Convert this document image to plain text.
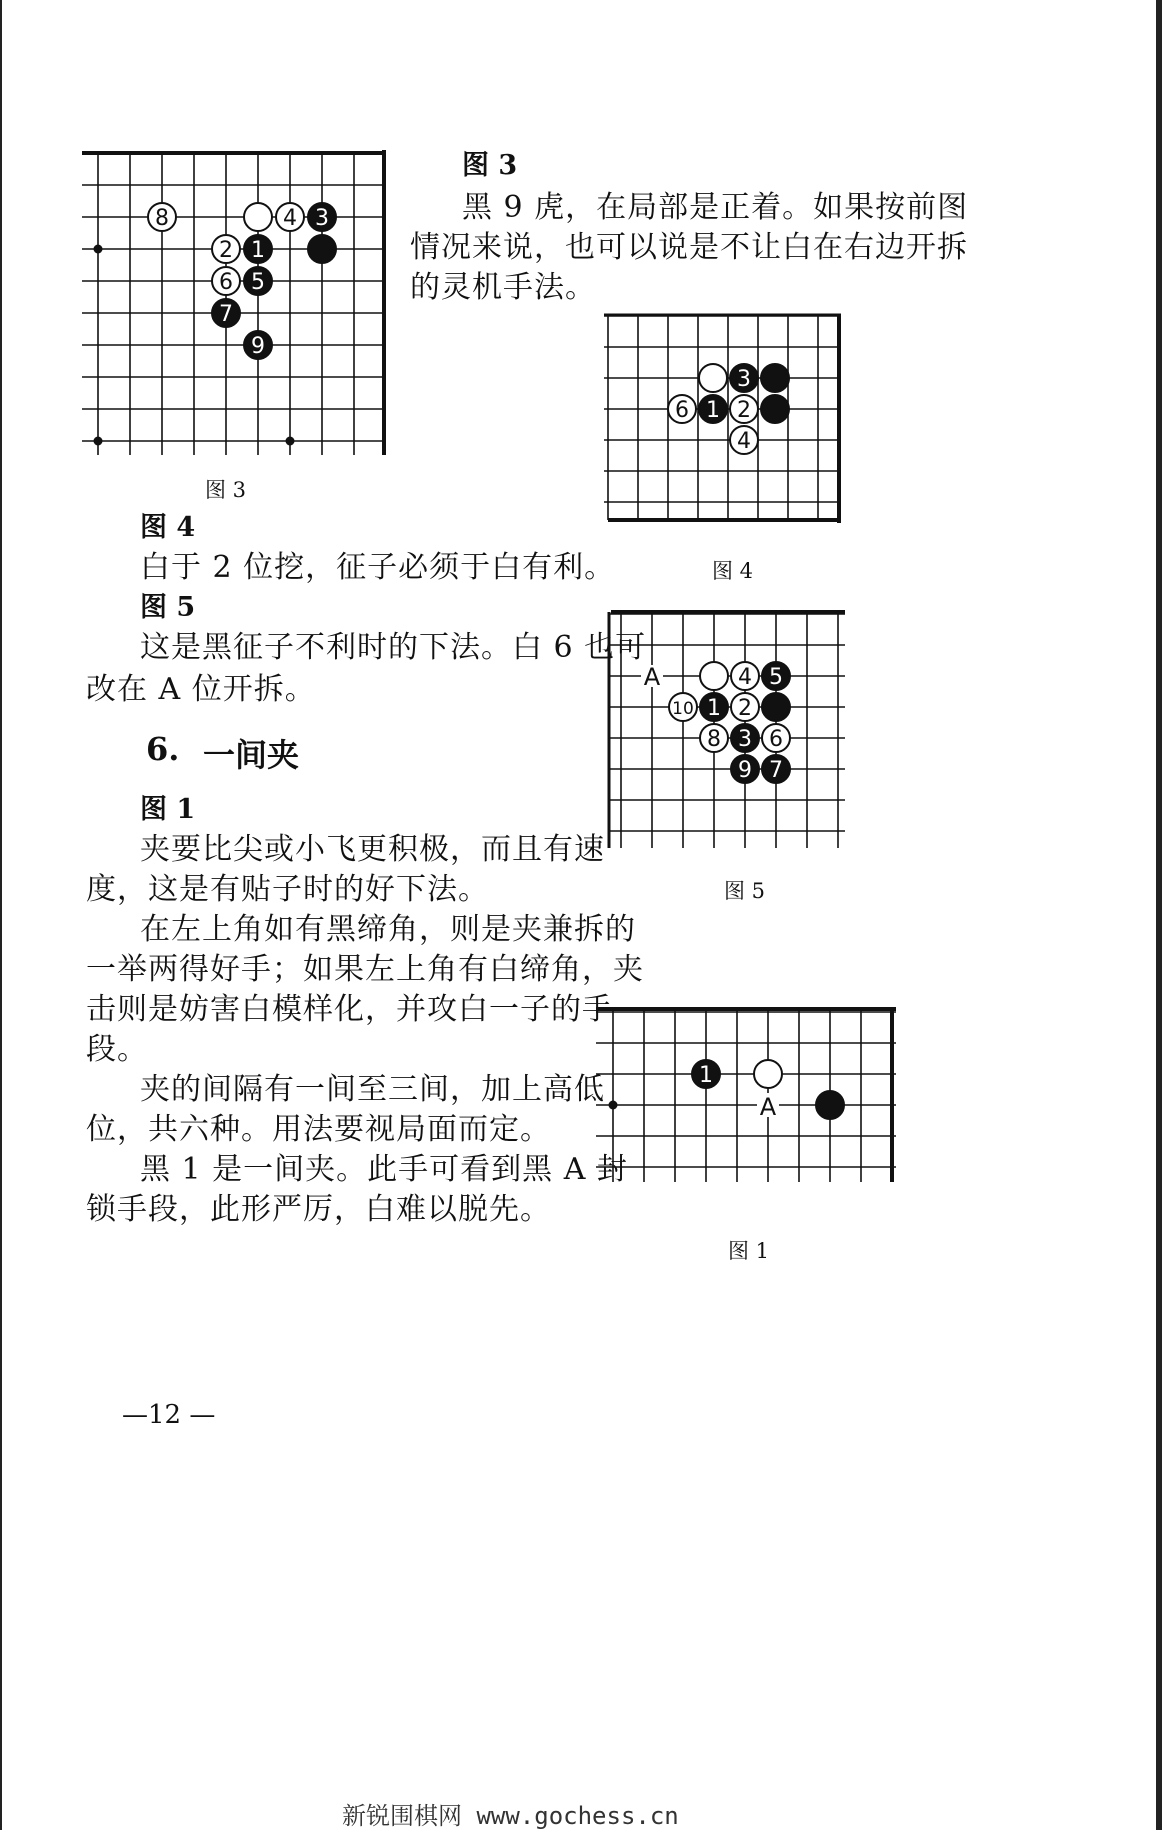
8	4 3
2 1
6 5
7
9
图 3
黑 9 虎，在局部是正着。如果按前图
情况来说，也可以说是不让白在右边开拆
的灵机手法。
图 3
3
6 1 2
4
图 4
图 4
白于 2 位挖，征子必须于白有利。
A	4 5
10 1 2
8 3 6
9 7
图 5
图 5
这是黑征子不利时的下法。白 6 也可
改在 A 位开拆。
6. 一间夹
图 1
夹要比尖或小飞更积极，而且有速
度，这是有贴子时的好下法。
在左上角如有黑缔角，则是夹兼拆的
一举两得好手；如果左上角有白缔角，夹
击则是妨害白模样化，并攻白一子的手
段。
夹的间隔有一间至三间，加上高低
位，共六种。用法要视局面而定。
黑 1 是一间夹。此手可看到黑 A 封
锁手段，此形严厉，白难以脱先。
A
1
图 1
—12 —
新锐围棋网 www.gochess.cn
